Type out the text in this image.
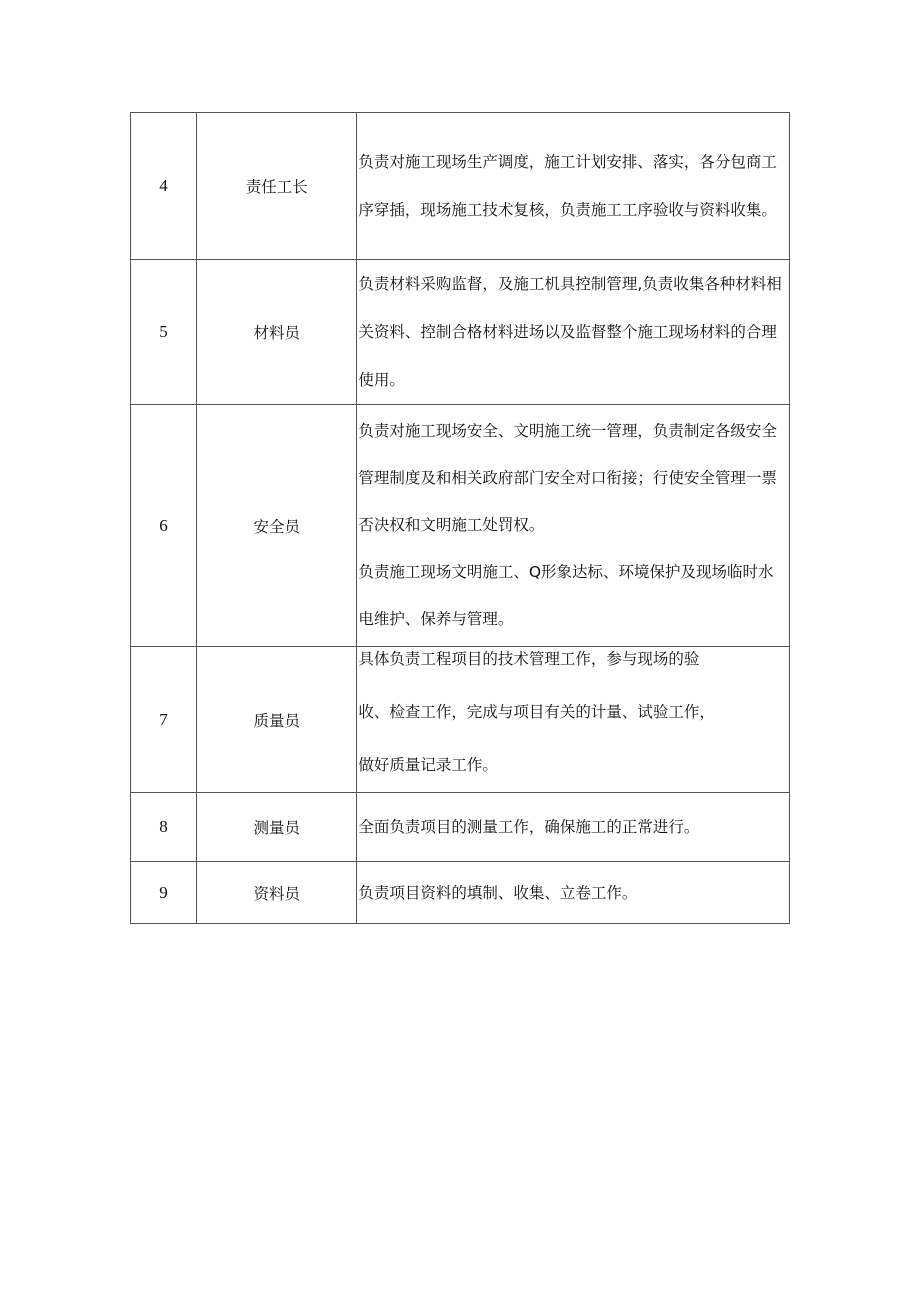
4	责任工长	负责对施工现场生产调度，施工计划安排、落实，各分包商工序穿插，现场施工技术复核，负责施工工序验收与资料收集。

5	材料员	负责材料采购监督，及施工机具控制管理,负责收集各种材料相关资料、控制合格材料进场以及监督整个施工现场材料的合理使用。

6	安全员	负责对施工现场安全、文明施工统一管理，负责制定各级安全管理制度及和相关政府部门安全对口衔接；行使安全管理一票否决权和文明施工处罚权。

负责施工现场文明施工、Q形象达标、环境保护及现场临时水电维护、保养与管理。

7	质量员	具体负责工程项目的技术管理工作，参与现场的验
收、检查工作，完成与项目有关的计量、试验工作，
做好质量记录工作。

8	测量员	全面负责项目的测量工作，确保施工的正常进行。

9	资料员	负责项目资料的填制、收集、立卷工作。
